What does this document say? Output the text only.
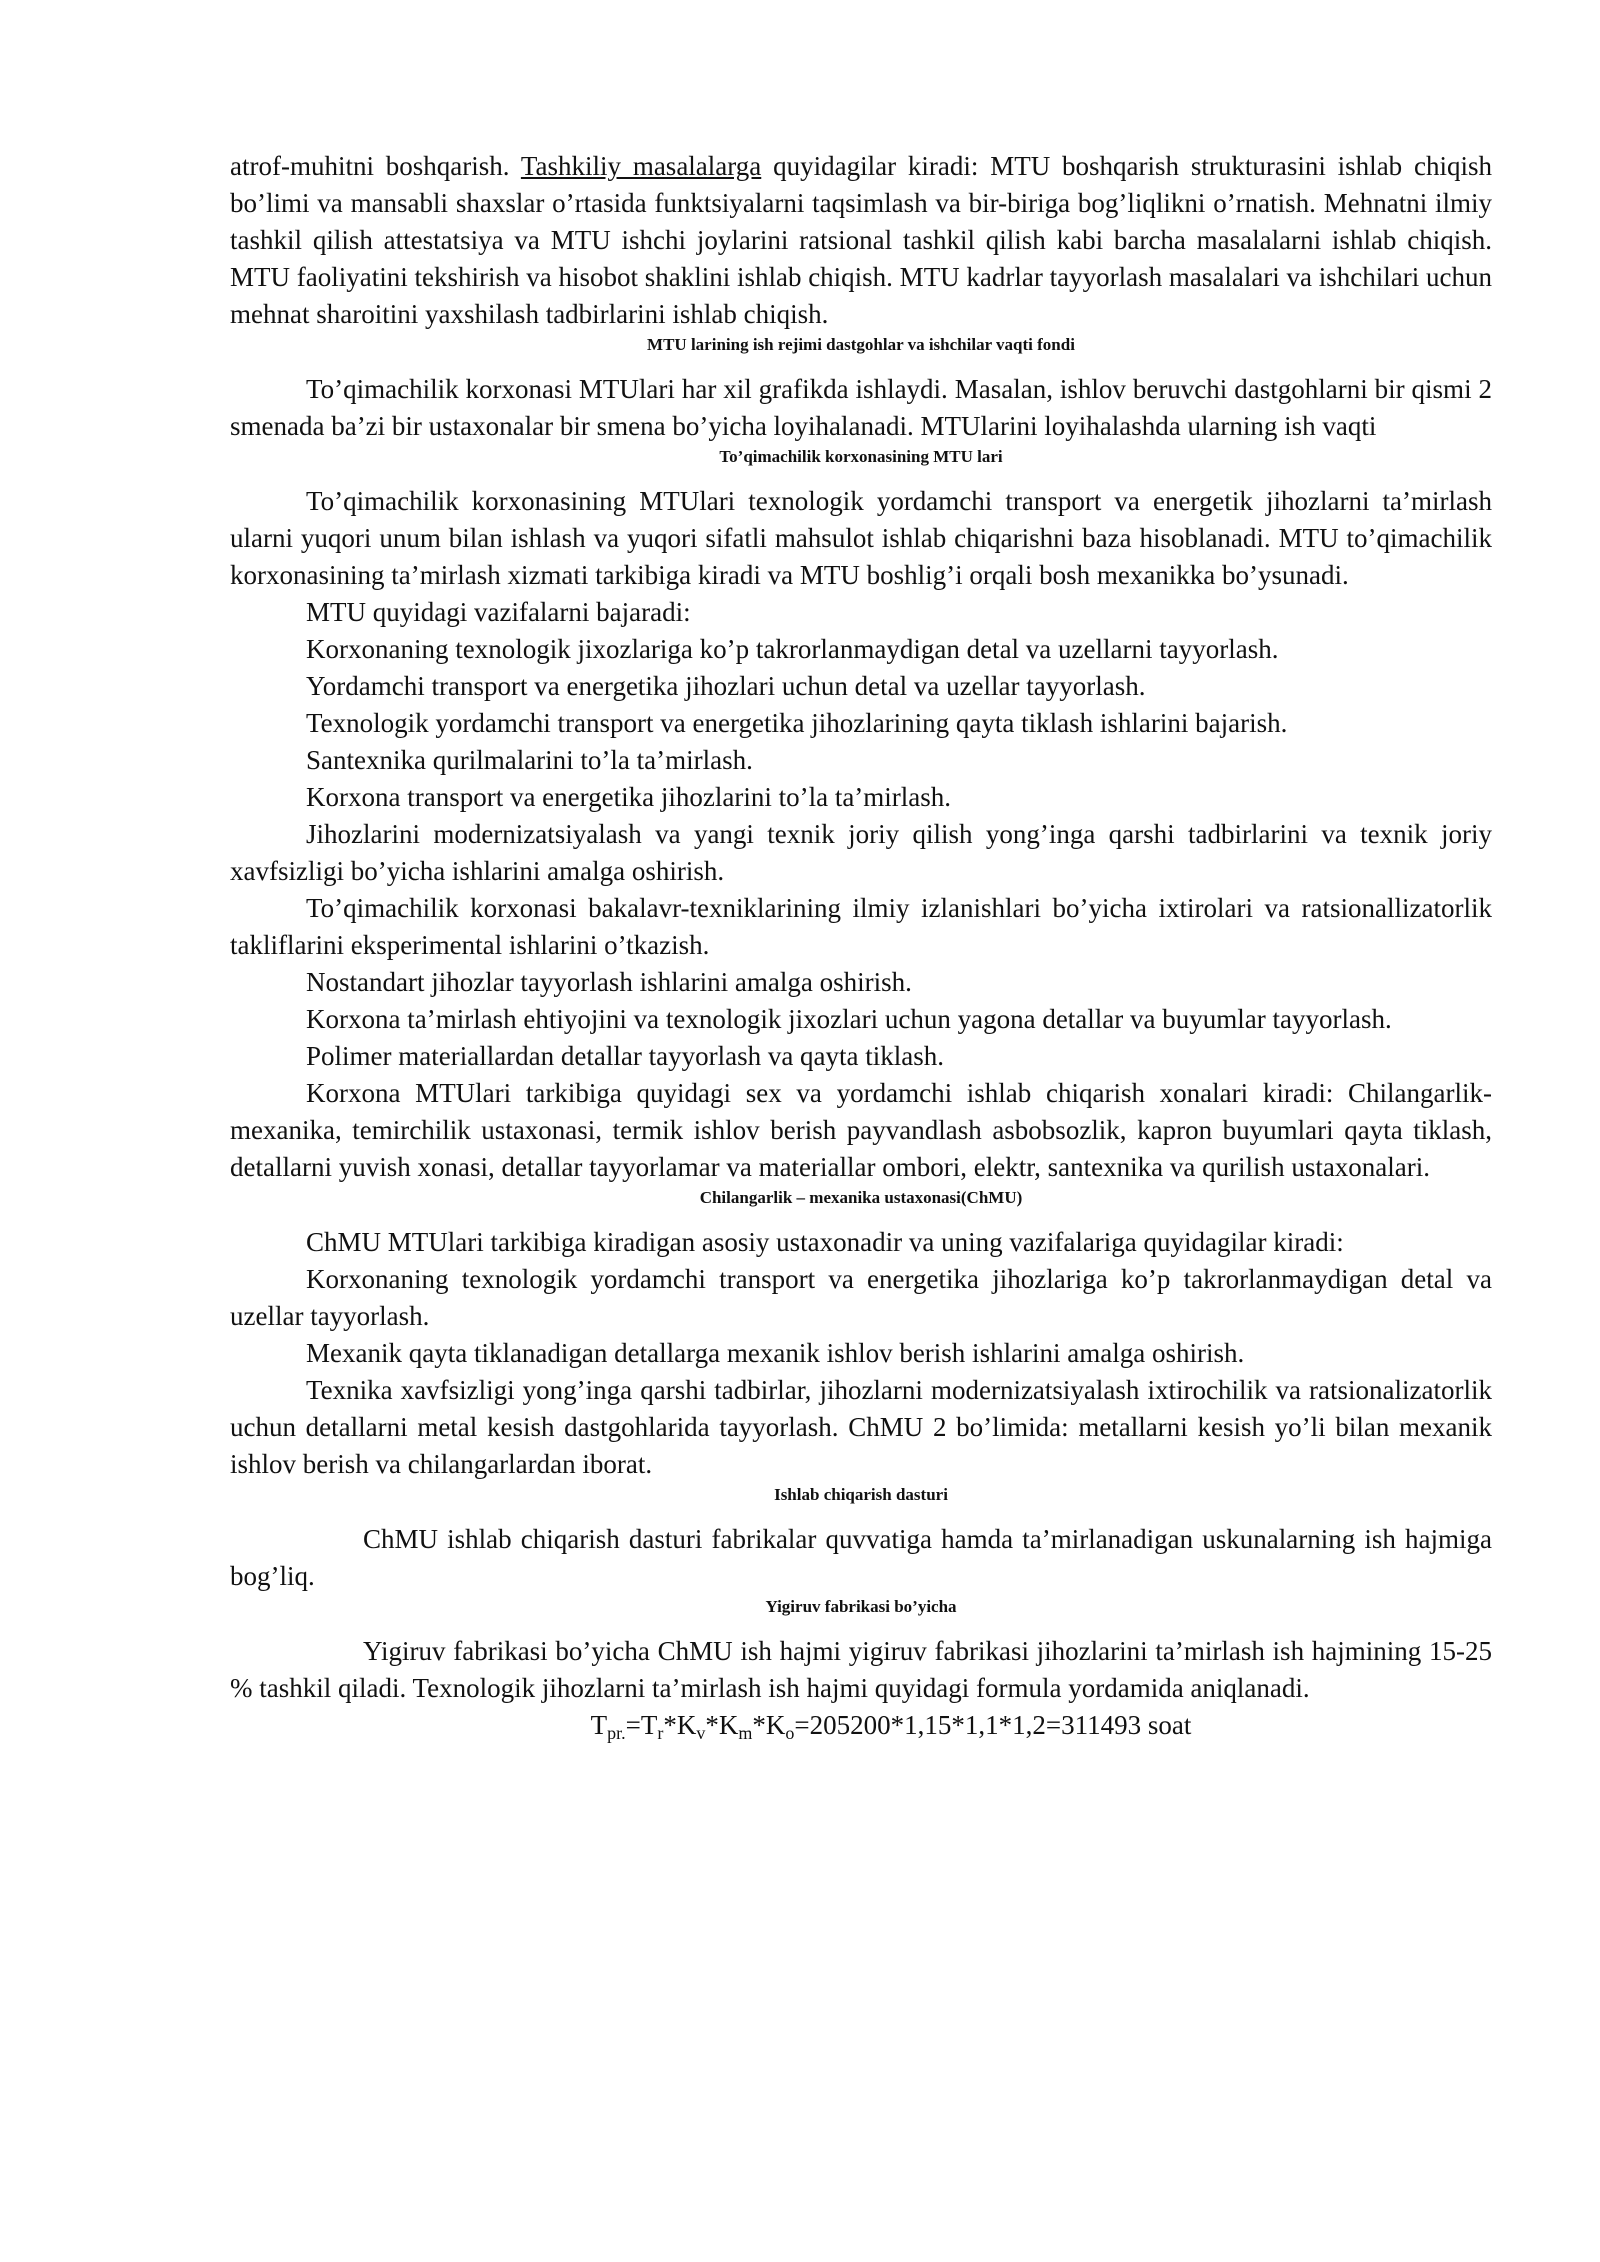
atrof-muhitni boshqarish. Tashkiliy masalalarga quyidagilar kiradi: MTU boshqarish strukturasini ishlab chiqish bo’limi va mansabli shaxslar o’rtasida funktsiyalarni taqsimlash va bir-biriga bog’liqlikni o’rnatish. Mehnatni ilmiy tashkil qilish attestatsiya va MTU ishchi joylarini ratsional tashkil qilish kabi barcha masalalarni ishlab chiqish. MTU faoliyatini tekshirish va hisobot shaklini ishlab chiqish. MTU kadrlar tayyorlash masalalari va ishchilari uchun mehnat sharoitini yaxshilash tadbirlarini ishlab chiqish.

MTU larining ish rejimi dastgohlar va ishchilar vaqti fondi

To’qimachilik korxonasi MTUlari har xil grafikda ishlaydi. Masalan, ishlov beruvchi dastgohlarni bir qismi 2 smenada ba’zi bir ustaxonalar bir smena bo’yicha loyihalanadi. MTUlarini loyihalashda ularning ish vaqti

To’qimachilik korxonasining MTU lari

To’qimachilik korxonasining MTUlari texnologik yordamchi transport va energetik jihozlarni ta’mirlash ularni yuqori unum bilan ishlash va yuqori sifatli mahsulot ishlab chiqarishni baza hisoblanadi. MTU to’qimachilik korxonasining ta’mirlash xizmati tarkibiga kiradi va MTU boshlig’i orqali bosh mexanikka bo’ysunadi.

MTU quyidagi vazifalarni bajaradi:

Korxonaning texnologik jixozlariga ko’p takrorlanmaydigan detal va uzellarni tayyorlash.

Yordamchi transport va energetika jihozlari uchun detal va uzellar tayyorlash.

Texnologik yordamchi transport va energetika jihozlarining qayta tiklash ishlarini bajarish.

Santexnika qurilmalarini to’la ta’mirlash.

Korxona transport va energetika jihozlarini to’la ta’mirlash.

Jihozlarini modernizatsiyalash va yangi texnik joriy qilish yong’inga qarshi tadbirlarini va texnik joriy xavfsizligi bo’yicha ishlarini amalga oshirish.

To’qimachilik korxonasi bakalavr-texniklarining ilmiy izlanishlari bo’yicha ixtirolari va ratsionallizatorlik takliflarini eksperimental ishlarini o’tkazish.

Nostandart jihozlar tayyorlash ishlarini amalga oshirish.

Korxona ta’mirlash ehtiyojini va texnologik jixozlari uchun yagona detallar va buyumlar tayyorlash.

Polimer materiallardan detallar tayyorlash va qayta tiklash.

Korxona MTUlari tarkibiga quyidagi sex va yordamchi ishlab chiqarish xonalari kiradi: Chilangarlik-mexanika, temirchilik ustaxonasi, termik ishlov berish payvandlash asbobsozlik, kapron buyumlari qayta tiklash, detallarni yuvish xonasi, detallar tayyorlamar va materiallar ombori, elektr, santexnika va qurilish ustaxonalari.

Chilangarlik – mexanika ustaxonasi(ChMU)

ChMU MTUlari tarkibiga kiradigan asosiy ustaxonadir va uning vazifalariga quyidagilar kiradi:

Korxonaning texnologik yordamchi transport va energetika jihozlariga ko’p takrorlanmaydigan detal va uzellar tayyorlash.

Mexanik qayta tiklanadigan detallarga mexanik ishlov berish ishlarini amalga oshirish.

Texnika xavfsizligi yong’inga qarshi tadbirlar, jihozlarni modernizatsiyalash ixtirochilik va ratsionalizatorlik uchun detallarni metal kesish dastgohlarida tayyorlash. ChMU 2 bo’limida: metallarni kesish yo’li bilan mexanik ishlov berish va chilangarlardan iborat.

Ishlab chiqarish dasturi

ChMU ishlab chiqarish dasturi fabrikalar quvvatiga hamda ta’mirlanadigan uskunalarning ish hajmiga bog’liq.

Yigiruv fabrikasi bo’yicha

Yigiruv fabrikasi bo’yicha ChMU ish hajmi yigiruv fabrikasi jihozlarini ta’mirlash ish hajmining 15-25 % tashkil qiladi. Texnologik jihozlarni ta’mirlash ish hajmi quyidagi formula yordamida aniqlanadi.

$T_{pr.}=T_r*K_v*K_m*K_o=205200*1,15*1,1*1,2=311493$ soat
